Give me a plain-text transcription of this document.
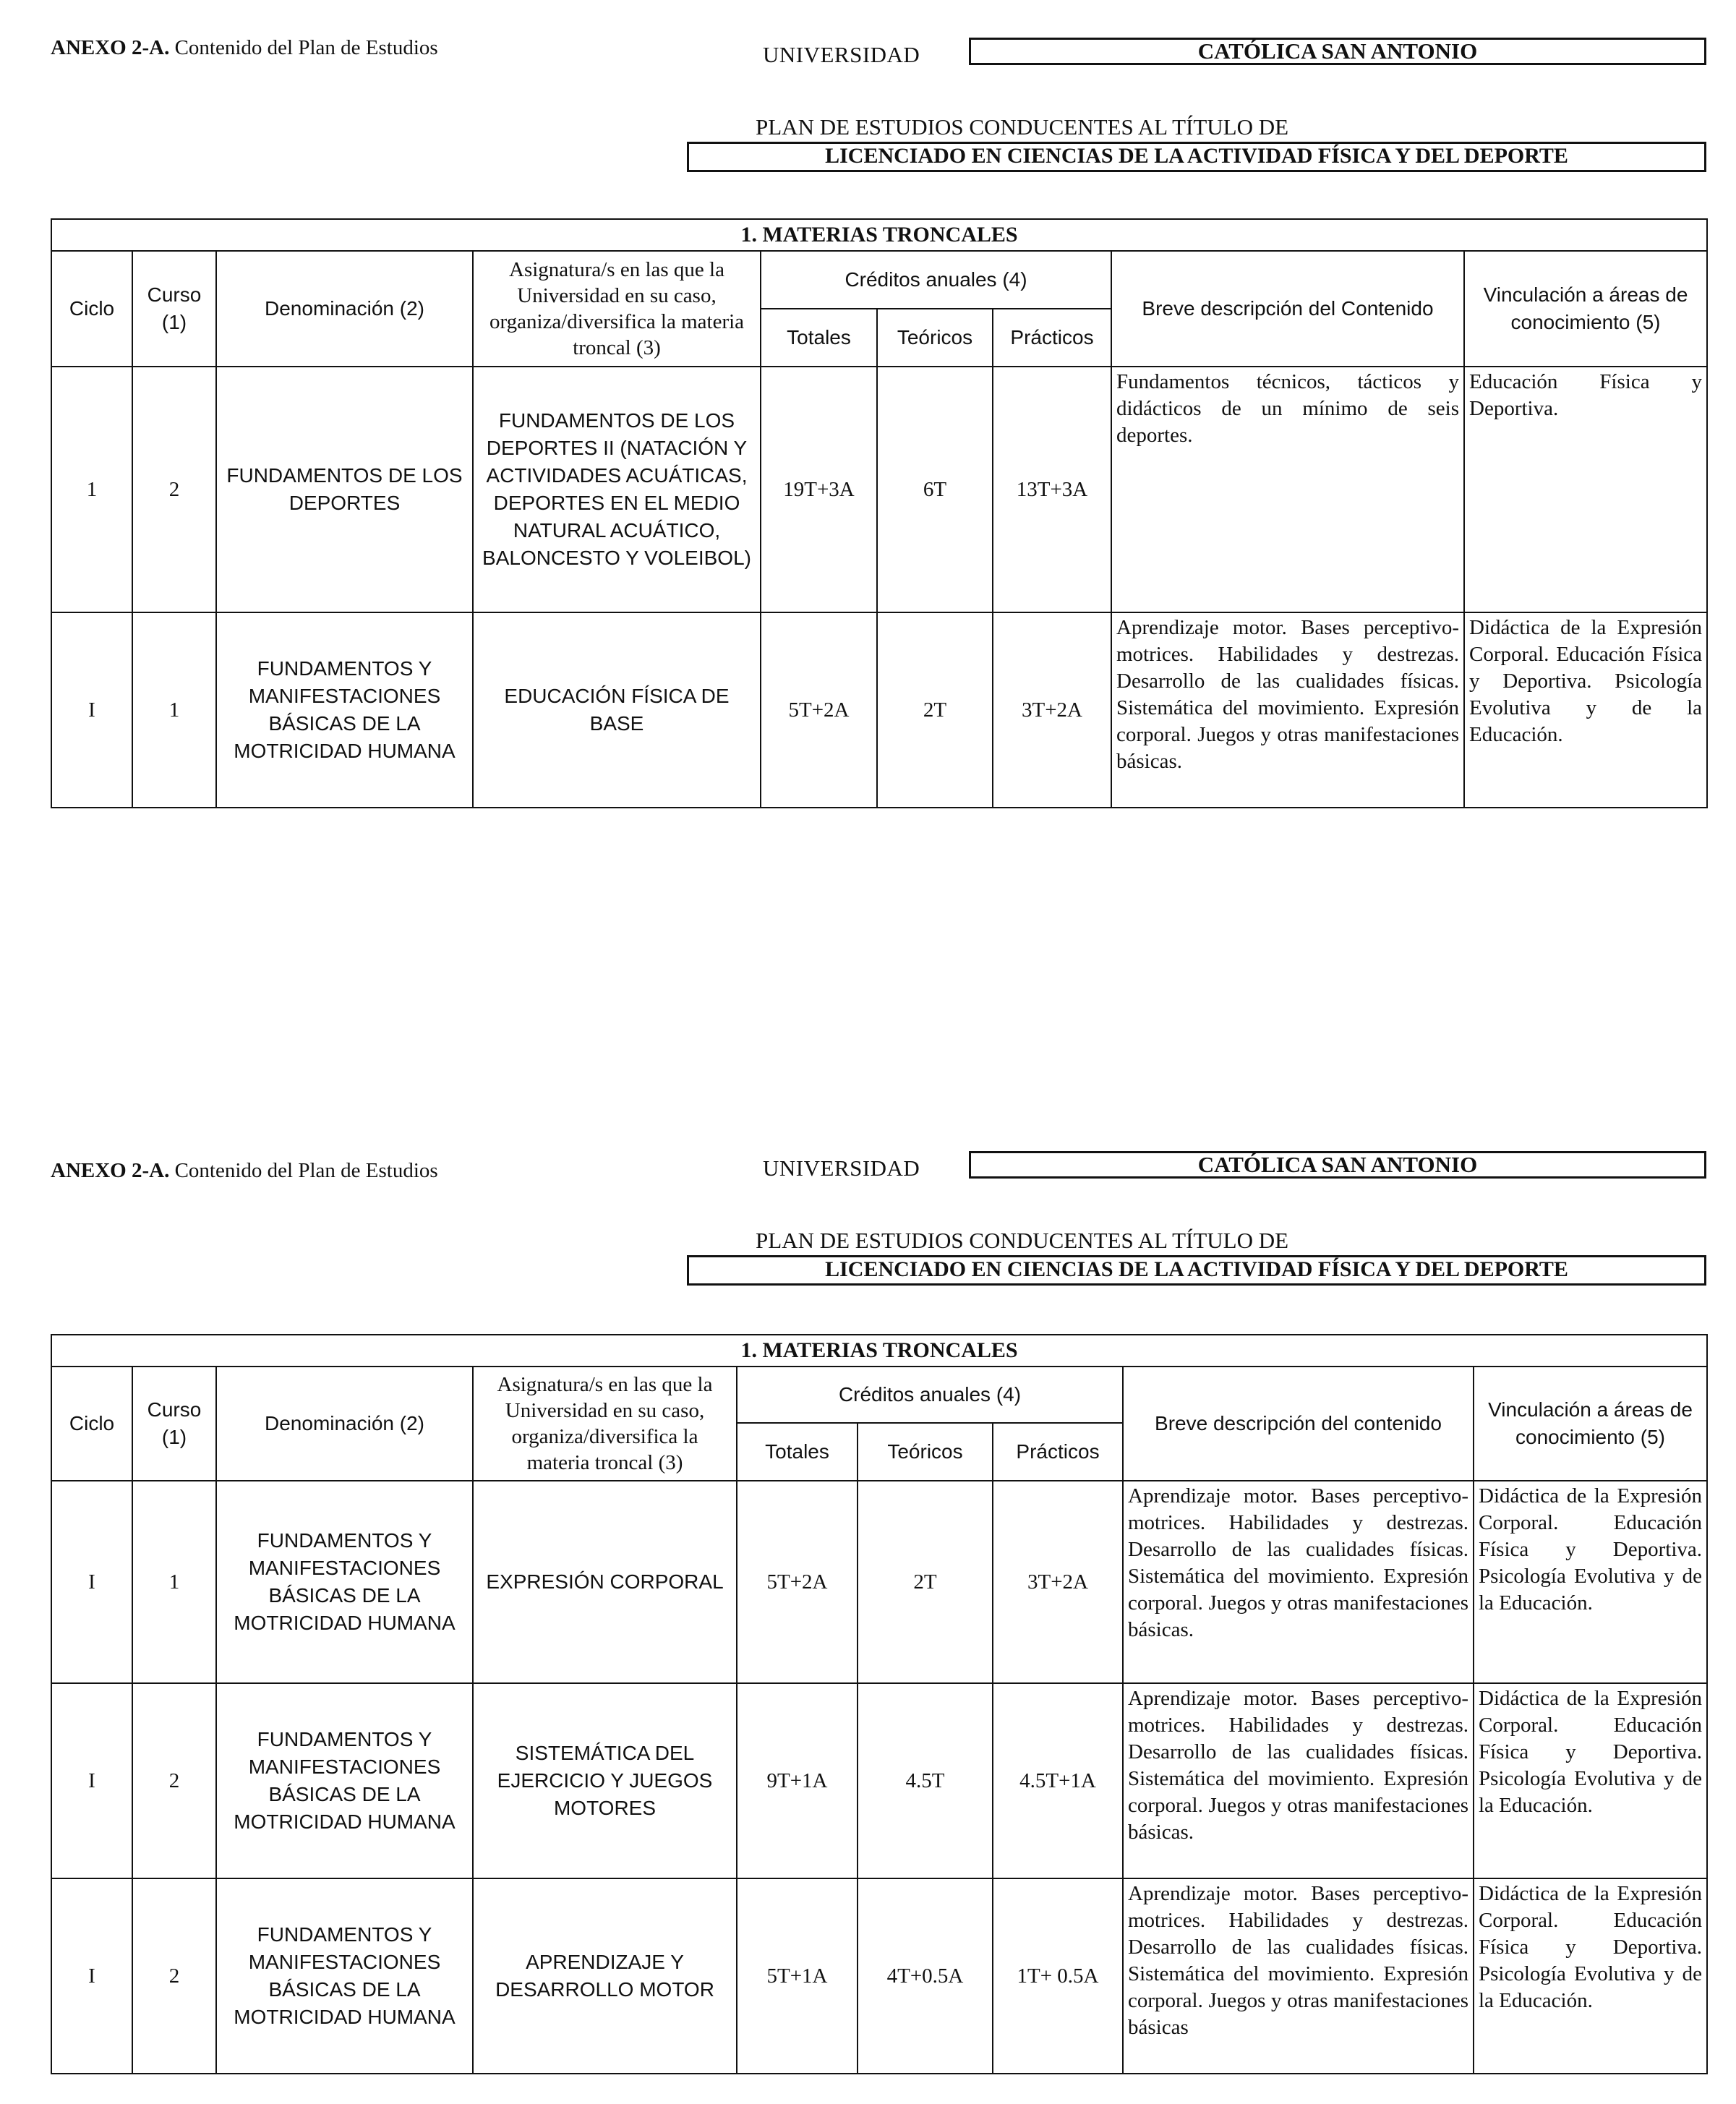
ANEXO 2-A. Contenido del Plan de Estudios	UNIVERSIDAD	CATÓLICA SAN ANTONIO
PLAN DE ESTUDIOS CONDUCENTES AL TÍTULO DE
LICENCIADO EN CIENCIAS DE LA ACTIVIDAD FÍSICA Y DEL DEPORTE
1. MATERIAS TRONCALES								
Ciclo	Curso (1)	Denominación (2)	Asignatura/s en las que la Universidad en su caso, organiza/diversifica la materia troncal (3)	Créditos anuales (4)			Breve descripción del Contenido	Vinculación a áreas de conocimiento (5)
				Totales	Teóricos	Prácticos		
1	2	FUNDAMENTOS DE LOS DEPORTES	FUNDAMENTOS DE LOS DEPORTES II (NATACIÓN Y ACTIVIDADES ACUÁTICAS, DEPORTES EN EL MEDIO NATURAL ACUÁTICO, BALONCESTO Y VOLEIBOL)	19T+3A	6T	13T+3A	Fundamentos técnicos, tácticos y didácticos de un mínimo de seis deportes.	Educación Física y Deportiva.
I	1	FUNDAMENTOS Y MANIFESTACIONES BÁSICAS DE LA MOTRICIDAD HUMANA	EDUCACIÓN FÍSICA DE BASE	5T+2A	2T	3T+2A	Aprendizaje motor. Bases perceptivo-motrices. Habilidades y destrezas. Desarrollo de las cualidades físicas. Sistemática del movimiento. Expresión corporal. Juegos y otras manifestaciones básicas.	Didáctica de la Expresión Corporal. Educación Física y Deportiva. Psicología Evolutiva y de la Educación.
ANEXO 2-A. Contenido del Plan de Estudios	UNIVERSIDAD	CATÓLICA SAN ANTONIO
PLAN DE ESTUDIOS CONDUCENTES AL TÍTULO DE
LICENCIADO EN CIENCIAS DE LA ACTIVIDAD FÍSICA Y DEL DEPORTE
1. MATERIAS TRONCALES								
Ciclo	Curso (1)	Denominación (2)	Asignatura/s en las que la Universidad en su caso, organiza/diversifica la materia troncal (3)	Créditos anuales (4)			Breve descripción del contenido	Vinculación a áreas de conocimiento (5)
				Totales	Teóricos	Prácticos		
I	1	FUNDAMENTOS Y MANIFESTACIONES BÁSICAS DE LA MOTRICIDAD HUMANA	EXPRESIÓN CORPORAL	5T+2A	2T	3T+2A	Aprendizaje motor. Bases perceptivo-motrices. Habilidades y destrezas. Desarrollo de las cualidades físicas. Sistemática del movimiento. Expresión corporal. Juegos y otras manifestaciones básicas.	Didáctica de la Expresión Corporal. Educación Física y Deportiva. Psicología Evolutiva y de la Educación.
I	2	FUNDAMENTOS Y MANIFESTACIONES BÁSICAS DE LA MOTRICIDAD HUMANA	SISTEMÁTICA DEL EJERCICIO Y JUEGOS MOTORES	9T+1A	4.5T	4.5T+1A	Aprendizaje motor. Bases perceptivo-motrices. Habilidades y destrezas. Desarrollo de las cualidades físicas. Sistemática del movimiento. Expresión corporal. Juegos y otras manifestaciones básicas.	Didáctica de la Expresión Corporal. Educación Física y Deportiva. Psicología Evolutiva y de la Educación.
I	2	FUNDAMENTOS Y MANIFESTACIONES BÁSICAS DE LA MOTRICIDAD HUMANA	APRENDIZAJE Y DESARROLLO MOTOR	5T+1A	4T+0.5A	1T+ 0.5A	Aprendizaje motor. Bases perceptivo-motrices. Habilidades y destrezas. Desarrollo de las cualidades físicas. Sistemática del movimiento. Expresión corporal. Juegos y otras manifestaciones básicas	Didáctica de la Expresión Corporal. Educación Física y Deportiva. Psicología Evolutiva y de la Educación.
